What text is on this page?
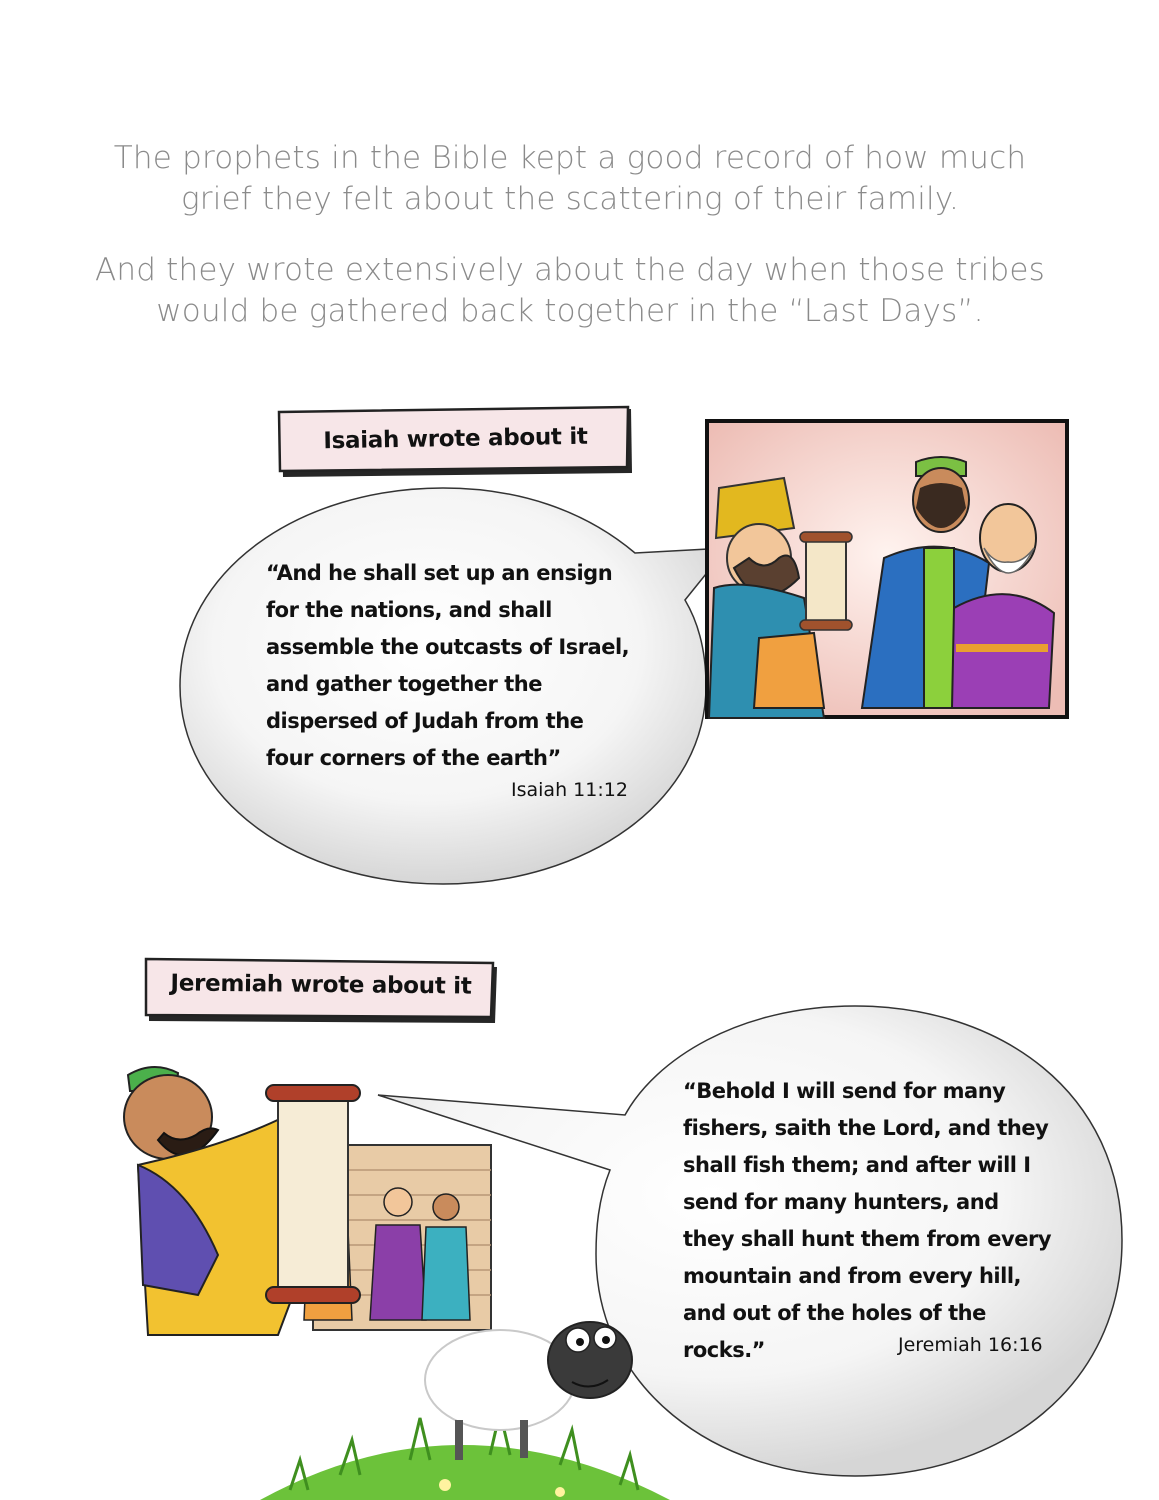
The prophets in the Bible kept a good record of how much grief they felt about the scattering of their family.
And they wrote extensively about the day when those tribes would be gathered back together in the “Last Days”.
Isaiah wrote about it
Jeremiah wrote about it
“And he shall set up an ensign for the nations, and shall assemble the outcasts of Israel, and gather together the dispersed of Judah from the four corners of the earth”
Isaiah 11:12
“Behold I will send for many fishers, saith the Lord, and they shall fish them; and after will I send for many hunters, and they shall hunt them from every mountain and from every hill, and out of the holes of the rocks.”	Jeremiah 16:16
